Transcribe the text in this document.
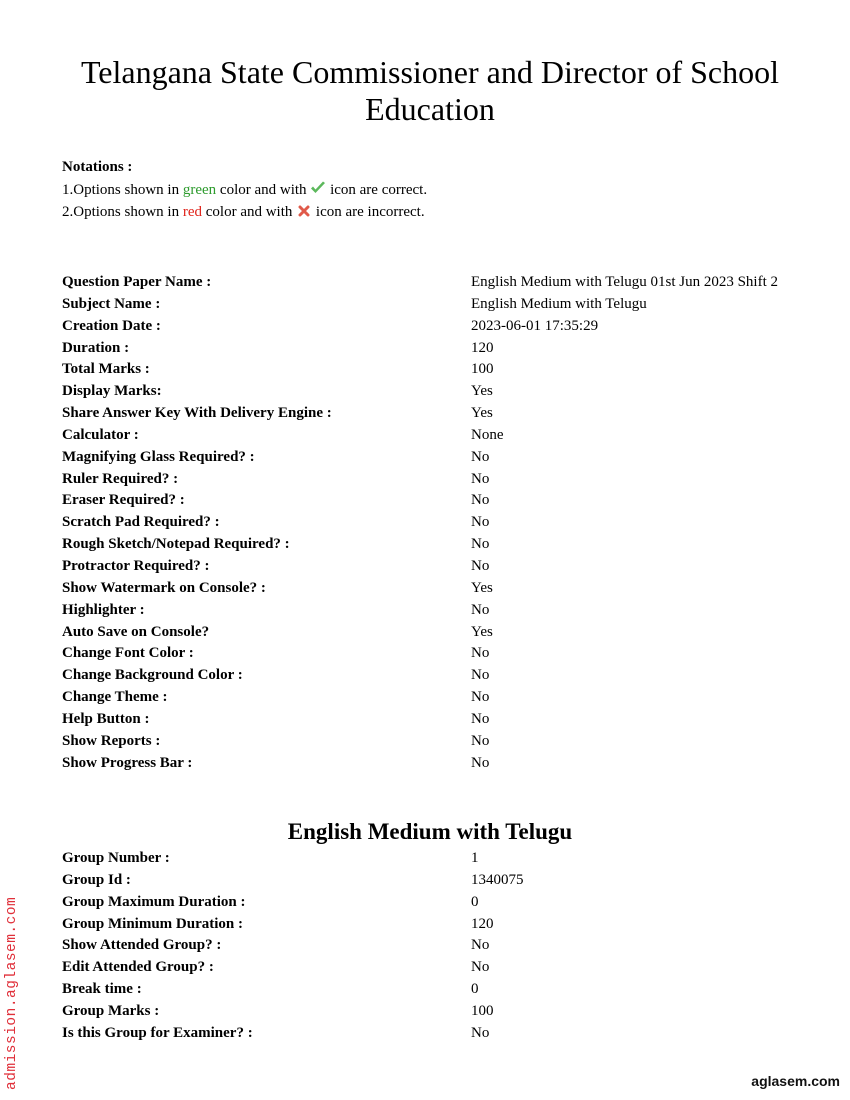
Telangana State Commissioner and Director of School Education
Notations :
1.Options shown in green color and with  icon are correct.
2.Options shown in red color and with  icon are incorrect.
Question Paper Name :	English Medium with Telugu 01st Jun 2023 Shift 2
Subject Name :	English Medium with Telugu
Creation Date :	2023-06-01 17:35:29
Duration :	120
Total Marks :	100
Display Marks:	Yes
Share Answer Key With Delivery Engine :	Yes
Calculator :	None
Magnifying Glass Required? :	No
Ruler Required? :	No
Eraser Required? :	No
Scratch Pad Required? :	No
Rough Sketch/Notepad Required? :	No
Protractor Required? :	No
Show Watermark on Console? :	Yes
Highlighter :	No
Auto Save on Console?	Yes
Change Font Color :	No
Change Background Color :	No
Change Theme :	No
Help Button :	No
Show Reports :	No
Show Progress Bar :	No
English Medium with Telugu
Group Number :	1
Group Id :	1340075
Group Maximum Duration :	0
Group Minimum Duration :	120
Show Attended Group? :	No
Edit Attended Group? :	No
Break time :	0
Group Marks :	100
Is this Group for Examiner? :	No
admission.aglasem.com	aglasem.com
